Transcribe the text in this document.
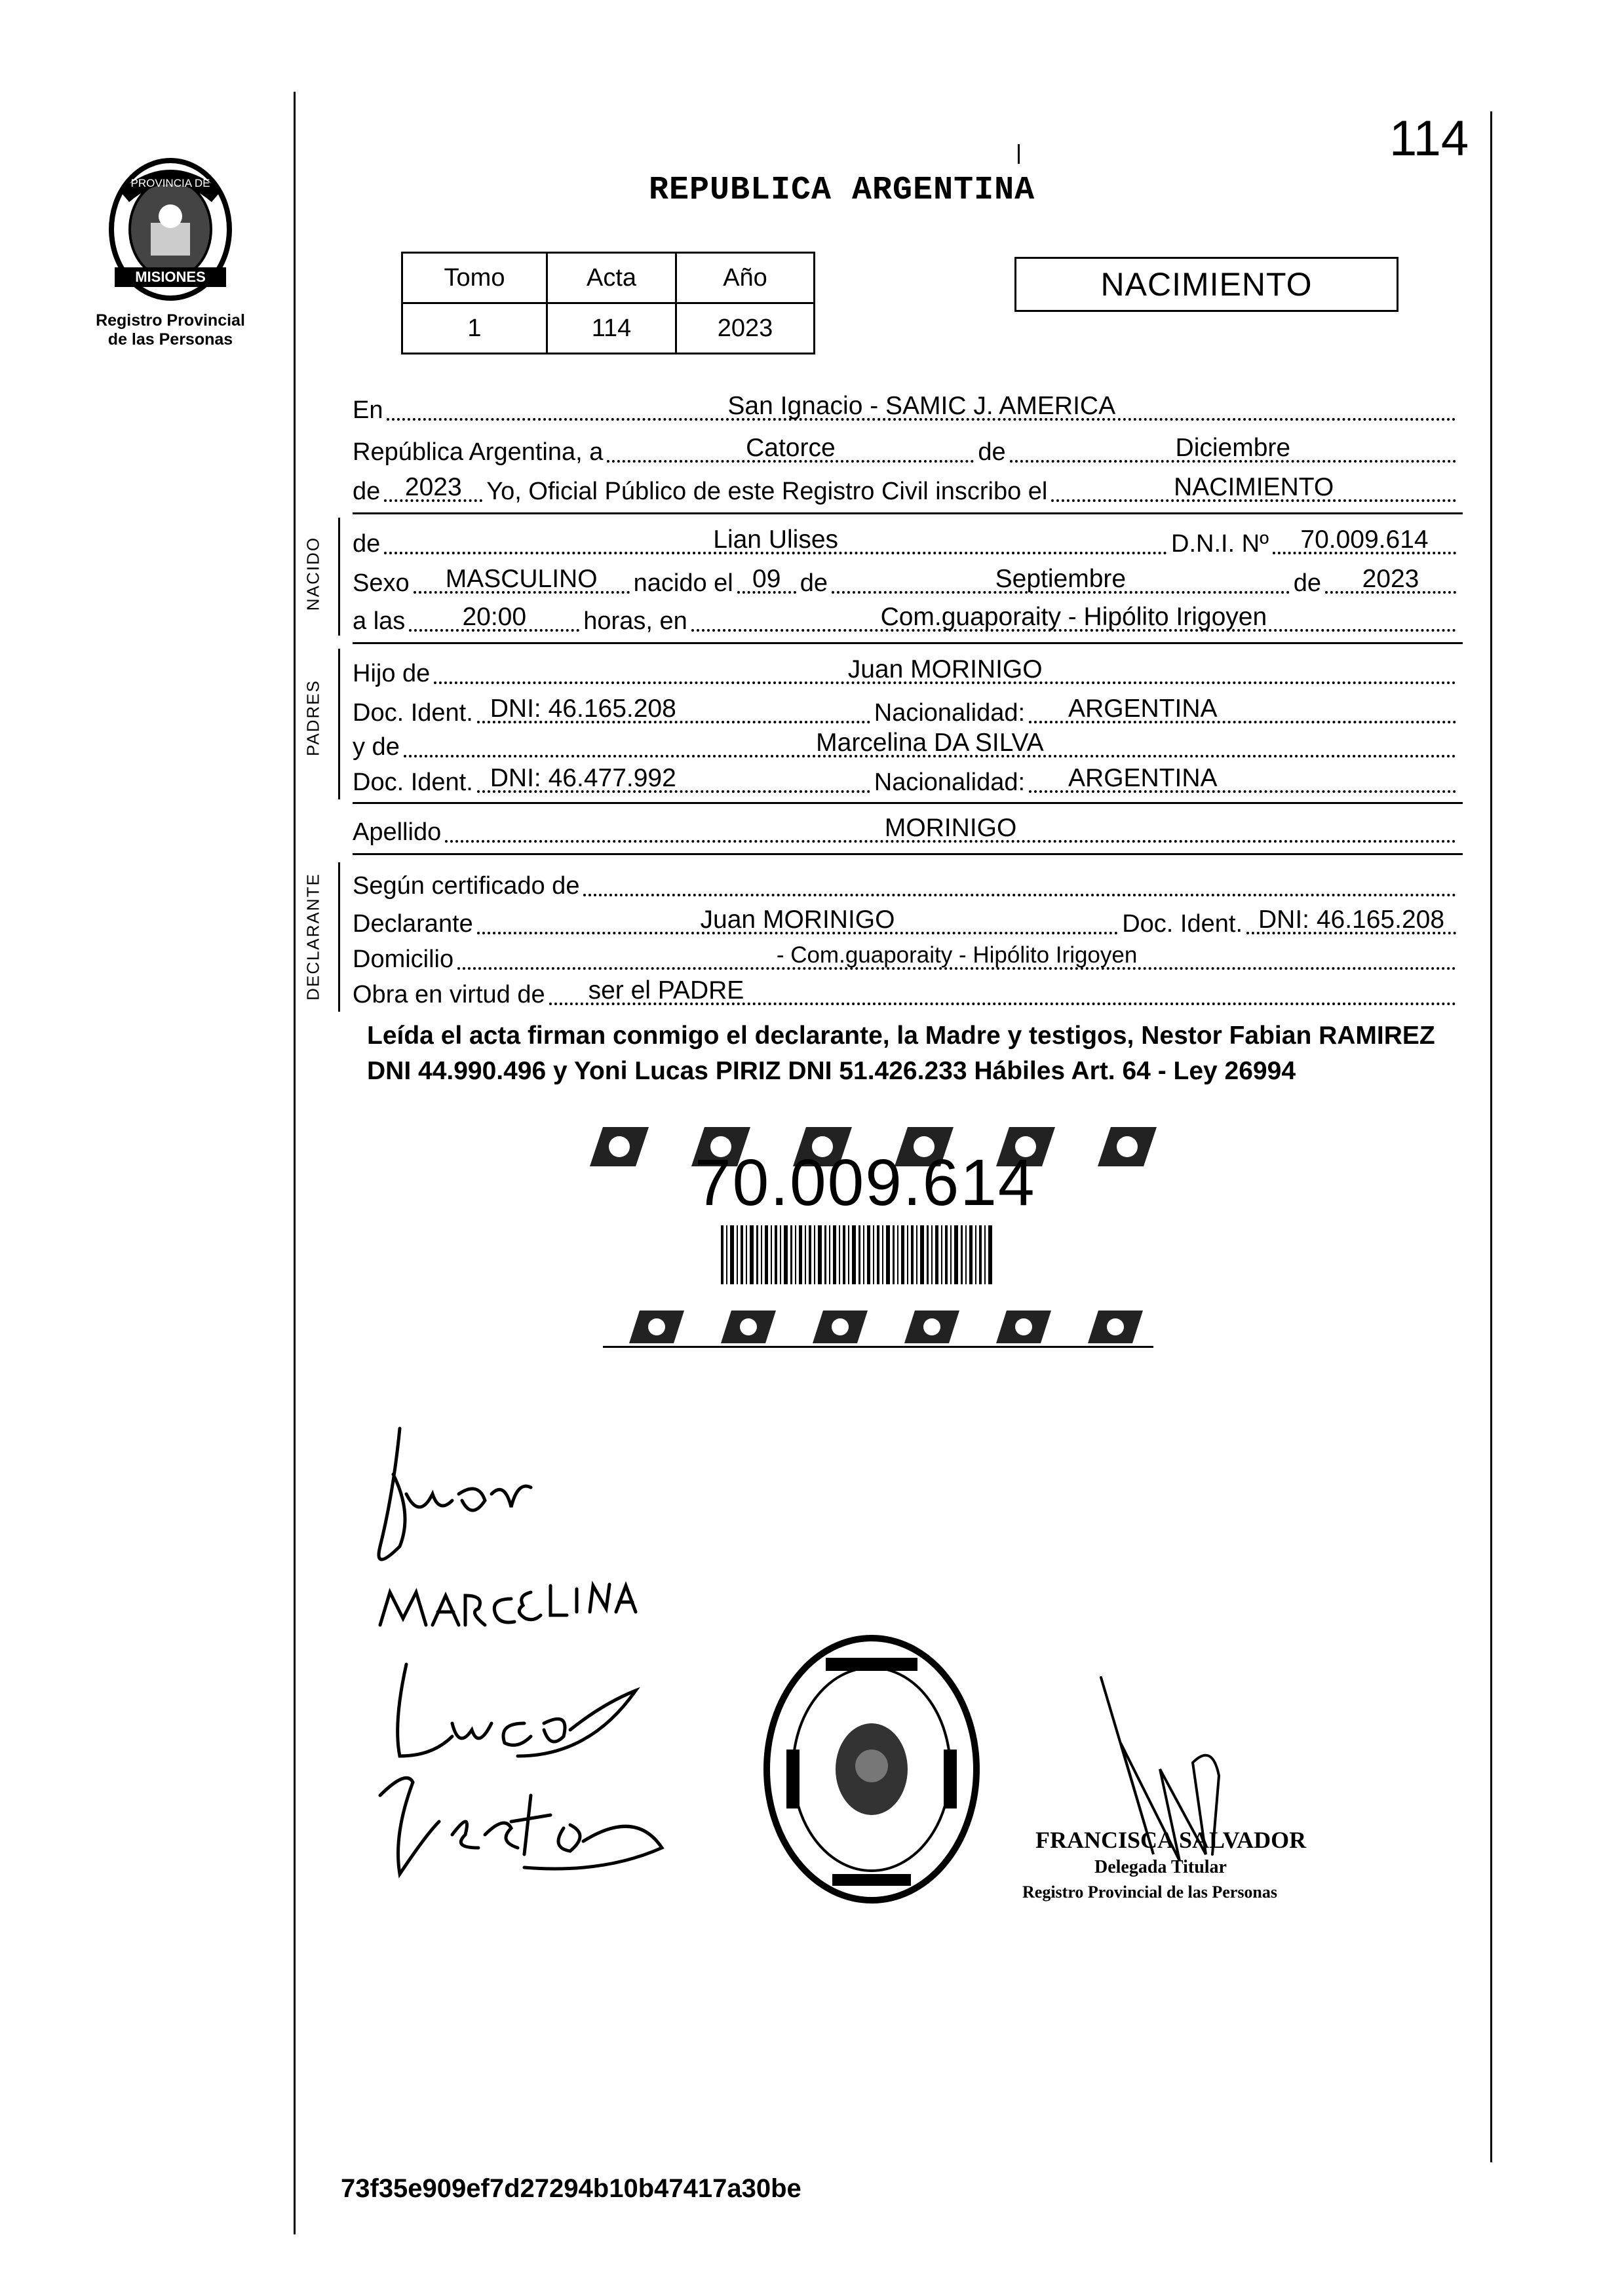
114
PROVINCIA DE
MISIONES
Registro Provincial
de las Personas
REPUBLICA ARGENTINA
Tomo	Acta	Año
1	114	2023
NACIMIENTO
En	San Ignacio - SAMIC J. AMERICA
República Argentina, a	Catorce	de	Diciembre
de 2023 Yo, Oficial Público de este Registro Civil inscribo el	NACIMIENTO
NACIDO de	Lian Ulises	D.N.I. Nº	70.009.614
Sexo	MASCULINO	nacido el 09 de	Septiembre	de	2023
a las	20:00	horas, en	Com.guaporaity - Hipólito Irigoyen
PADRES
Hijo de	Juan MORINIGO
Doc. Ident. DNI: 46.165.208	Nacionalidad:	ARGENTINA
y de	Marcelina DA SILVA
Doc. Ident. DNI: 46.477.992	Nacionalidad:	ARGENTINA
Apellido	MORINIGO
DECLARANTE Según certificado de
Declarante	Juan MORINIGO	Doc. Ident. DNI: 46.165.208
Domicilio	- Com.guaporaity - Hipólito Irigoyen
Obra en virtud de	ser el PADRE
Leída el acta firman conmigo el declarante, la Madre y testigos, Nestor Fabian RAMIREZ DNI 44.990.496 y Yoni Lucas PIRIZ DNI 51.426.233 Hábiles Art. 64 - Ley 26994
70.009.614
FRANCISCA SALVADOR
Delegada Titular
Registro Provincial de las Personas
73f35e909ef7d27294b10b47417a30be
